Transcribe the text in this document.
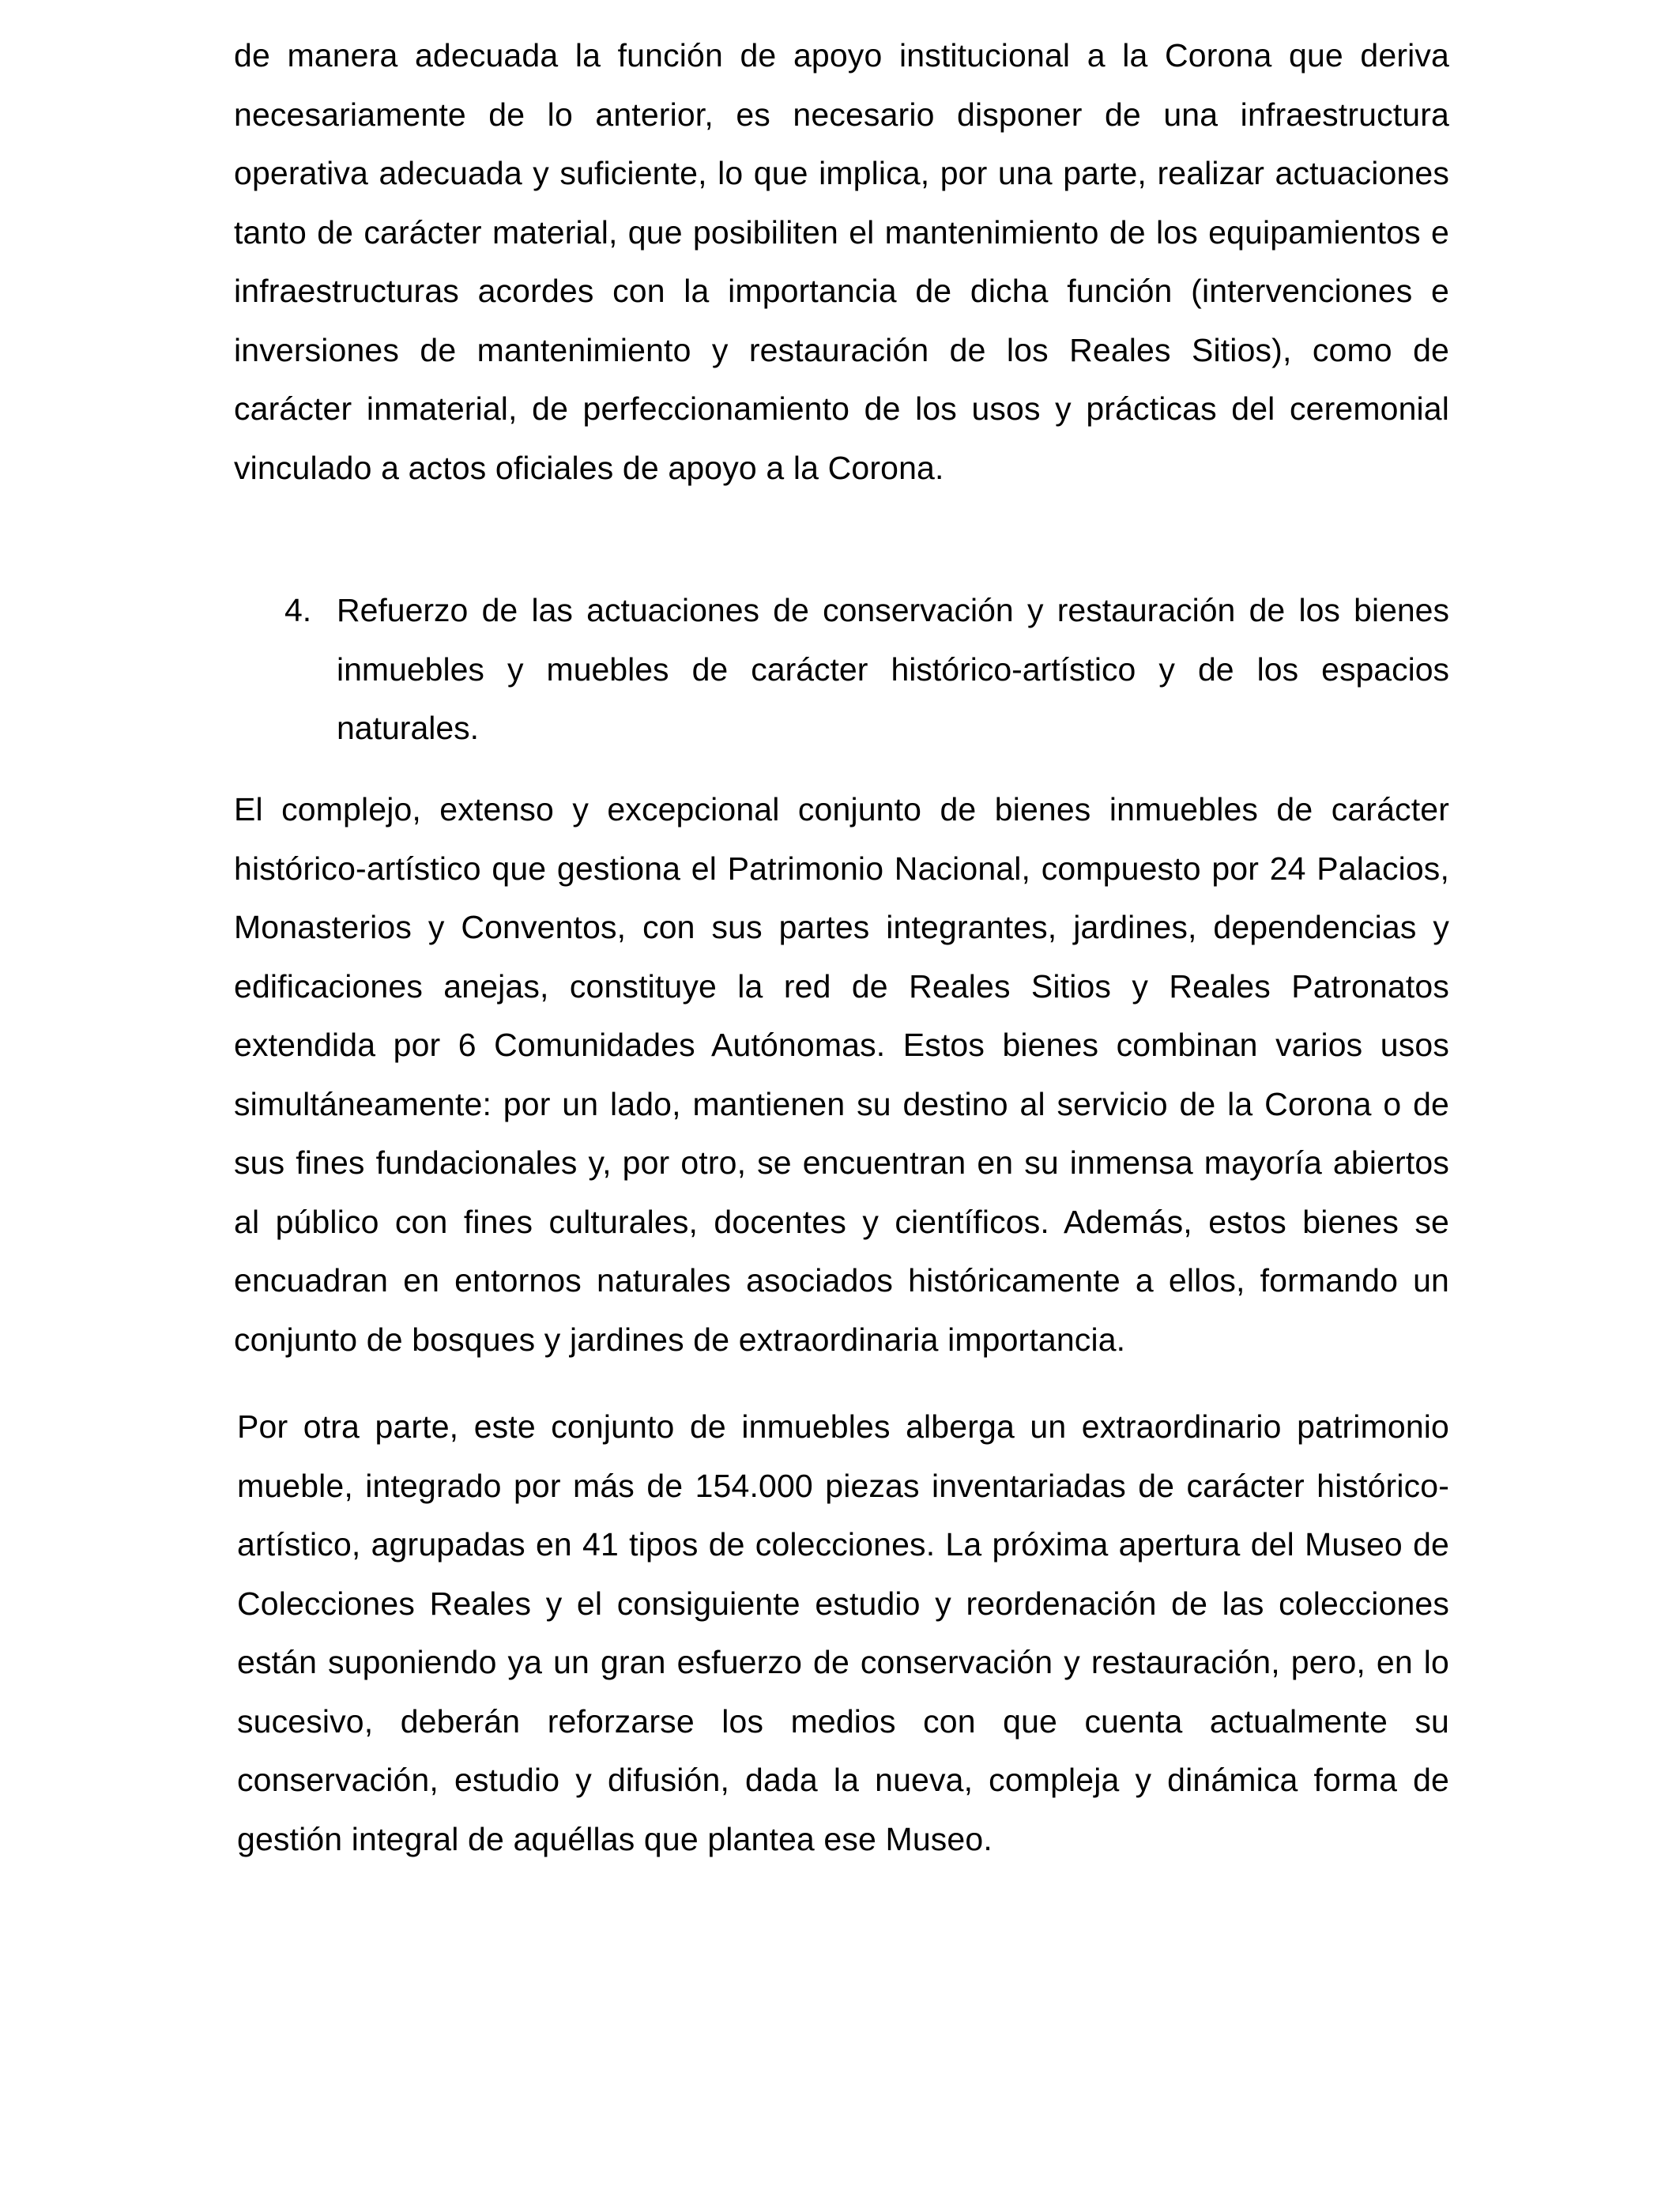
de manera adecuada la función de apoyo institucional a la Corona que deriva necesariamente de lo anterior, es necesario disponer de una infraestructura operativa adecuada y suficiente, lo que implica, por una parte, realizar actuaciones tanto de carácter material, que posibiliten el mantenimiento de los equipamientos e infraestructuras acordes con la importancia de dicha función (intervenciones e inversiones de mantenimiento y restauración de los Reales Sitios), como de carácter inmaterial, de perfeccionamiento de los usos y prácticas del ceremonial vinculado a actos oficiales de apoyo a la Corona.

4. Refuerzo de las actuaciones de conservación y restauración de los bienes inmuebles y muebles de carácter histórico-artístico y de los espacios naturales.

El complejo, extenso y excepcional conjunto de bienes inmuebles de carácter histórico-artístico que gestiona el Patrimonio Nacional, compuesto por 24 Palacios, Monasterios y Conventos, con sus partes integrantes, jardines, dependencias y edificaciones anejas, constituye la red de Reales Sitios y Reales Patronatos extendida por 6 Comunidades Autónomas. Estos bienes combinan varios usos simultáneamente: por un lado, mantienen su destino al servicio de la Corona o de sus fines fundacionales y, por otro, se encuentran en su inmensa mayoría abiertos al público con fines culturales, docentes y científicos. Además, estos bienes se encuadran en entornos naturales asociados históricamente a ellos, formando un conjunto de bosques y jardines de extraordinaria importancia.

Por otra parte, este conjunto de inmuebles alberga un extraordinario patrimonio mueble, integrado por más de 154.000 piezas inventariadas de carácter histórico-artístico, agrupadas en 41 tipos de colecciones. La próxima apertura del Museo de Colecciones Reales y el consiguiente estudio y reordenación de las colecciones están suponiendo ya un gran esfuerzo de conservación y restauración, pero, en lo sucesivo, deberán reforzarse los medios con que cuenta actualmente su conservación, estudio y difusión, dada la nueva, compleja y dinámica forma de gestión integral de aquéllas que plantea ese Museo.
